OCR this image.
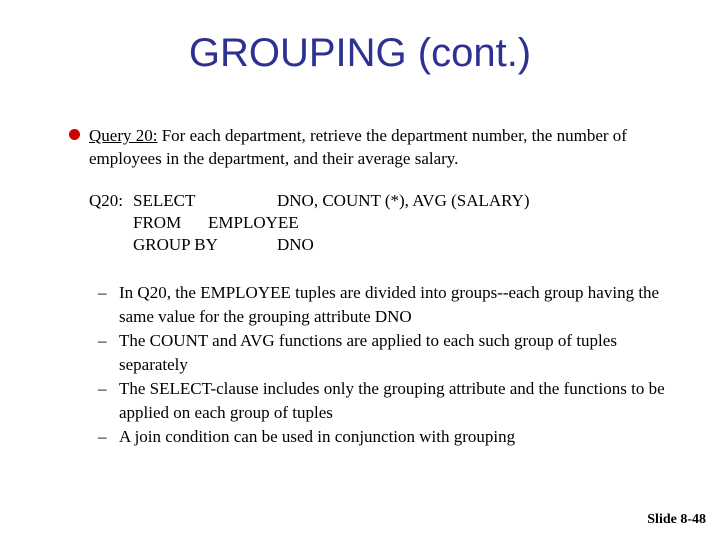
GROUPING (cont.)
Query 20: For each department, retrieve the department number, the number of employees in the department, and their average salary.
Q20: SELECT	DNO, COUNT (*), AVG (SALARY)
FROM EMPLOYEE
GROUP BY	DNO
– In Q20, the EMPLOYEE tuples are divided into groups--each group having the same value for the grouping attribute DNO
– The COUNT and AVG functions are applied to each such group of tuples separately
– The SELECT-clause includes only the grouping attribute and the functions to be applied on each group of tuples
– A join condition can be used in conjunction with grouping
Slide 8-48
